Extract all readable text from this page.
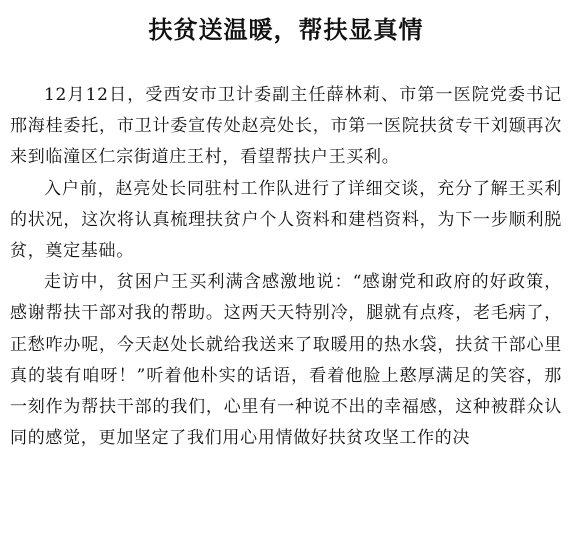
扶贫送温暖，帮扶显真情

12月12日，受西安市卫计委副主任薛林莉、市第一医院党委书记邢海桂委托，市卫计委宣传处赵亮处长，市第一医院扶贫专干刘颋再次来到临潼区仁宗街道庄王村，看望帮扶户王买利。

入户前，赵亮处长同驻村工作队进行了详细交谈，充分了解王买利的状况，这次将认真梳理扶贫户个人资料和建档资料，为下一步顺利脱贫，奠定基础。

走访中，贫困户王买利满含感激地说：“感谢党和政府的好政策，感谢帮扶干部对我的帮助。这两天天特别冷，腿就有点疼，老毛病了，正愁咋办呢，今天赵处长就给我送来了取暖用的热水袋，扶贫干部心里真的装有咱呀！”听着他朴实的话语，看着他脸上憨厚满足的笑容，那一刻作为帮扶干部的我们，心里有一种说不出的幸福感，这种被群众认同的感觉，更加坚定了我们用心用情做好扶贫攻坚工作的决
